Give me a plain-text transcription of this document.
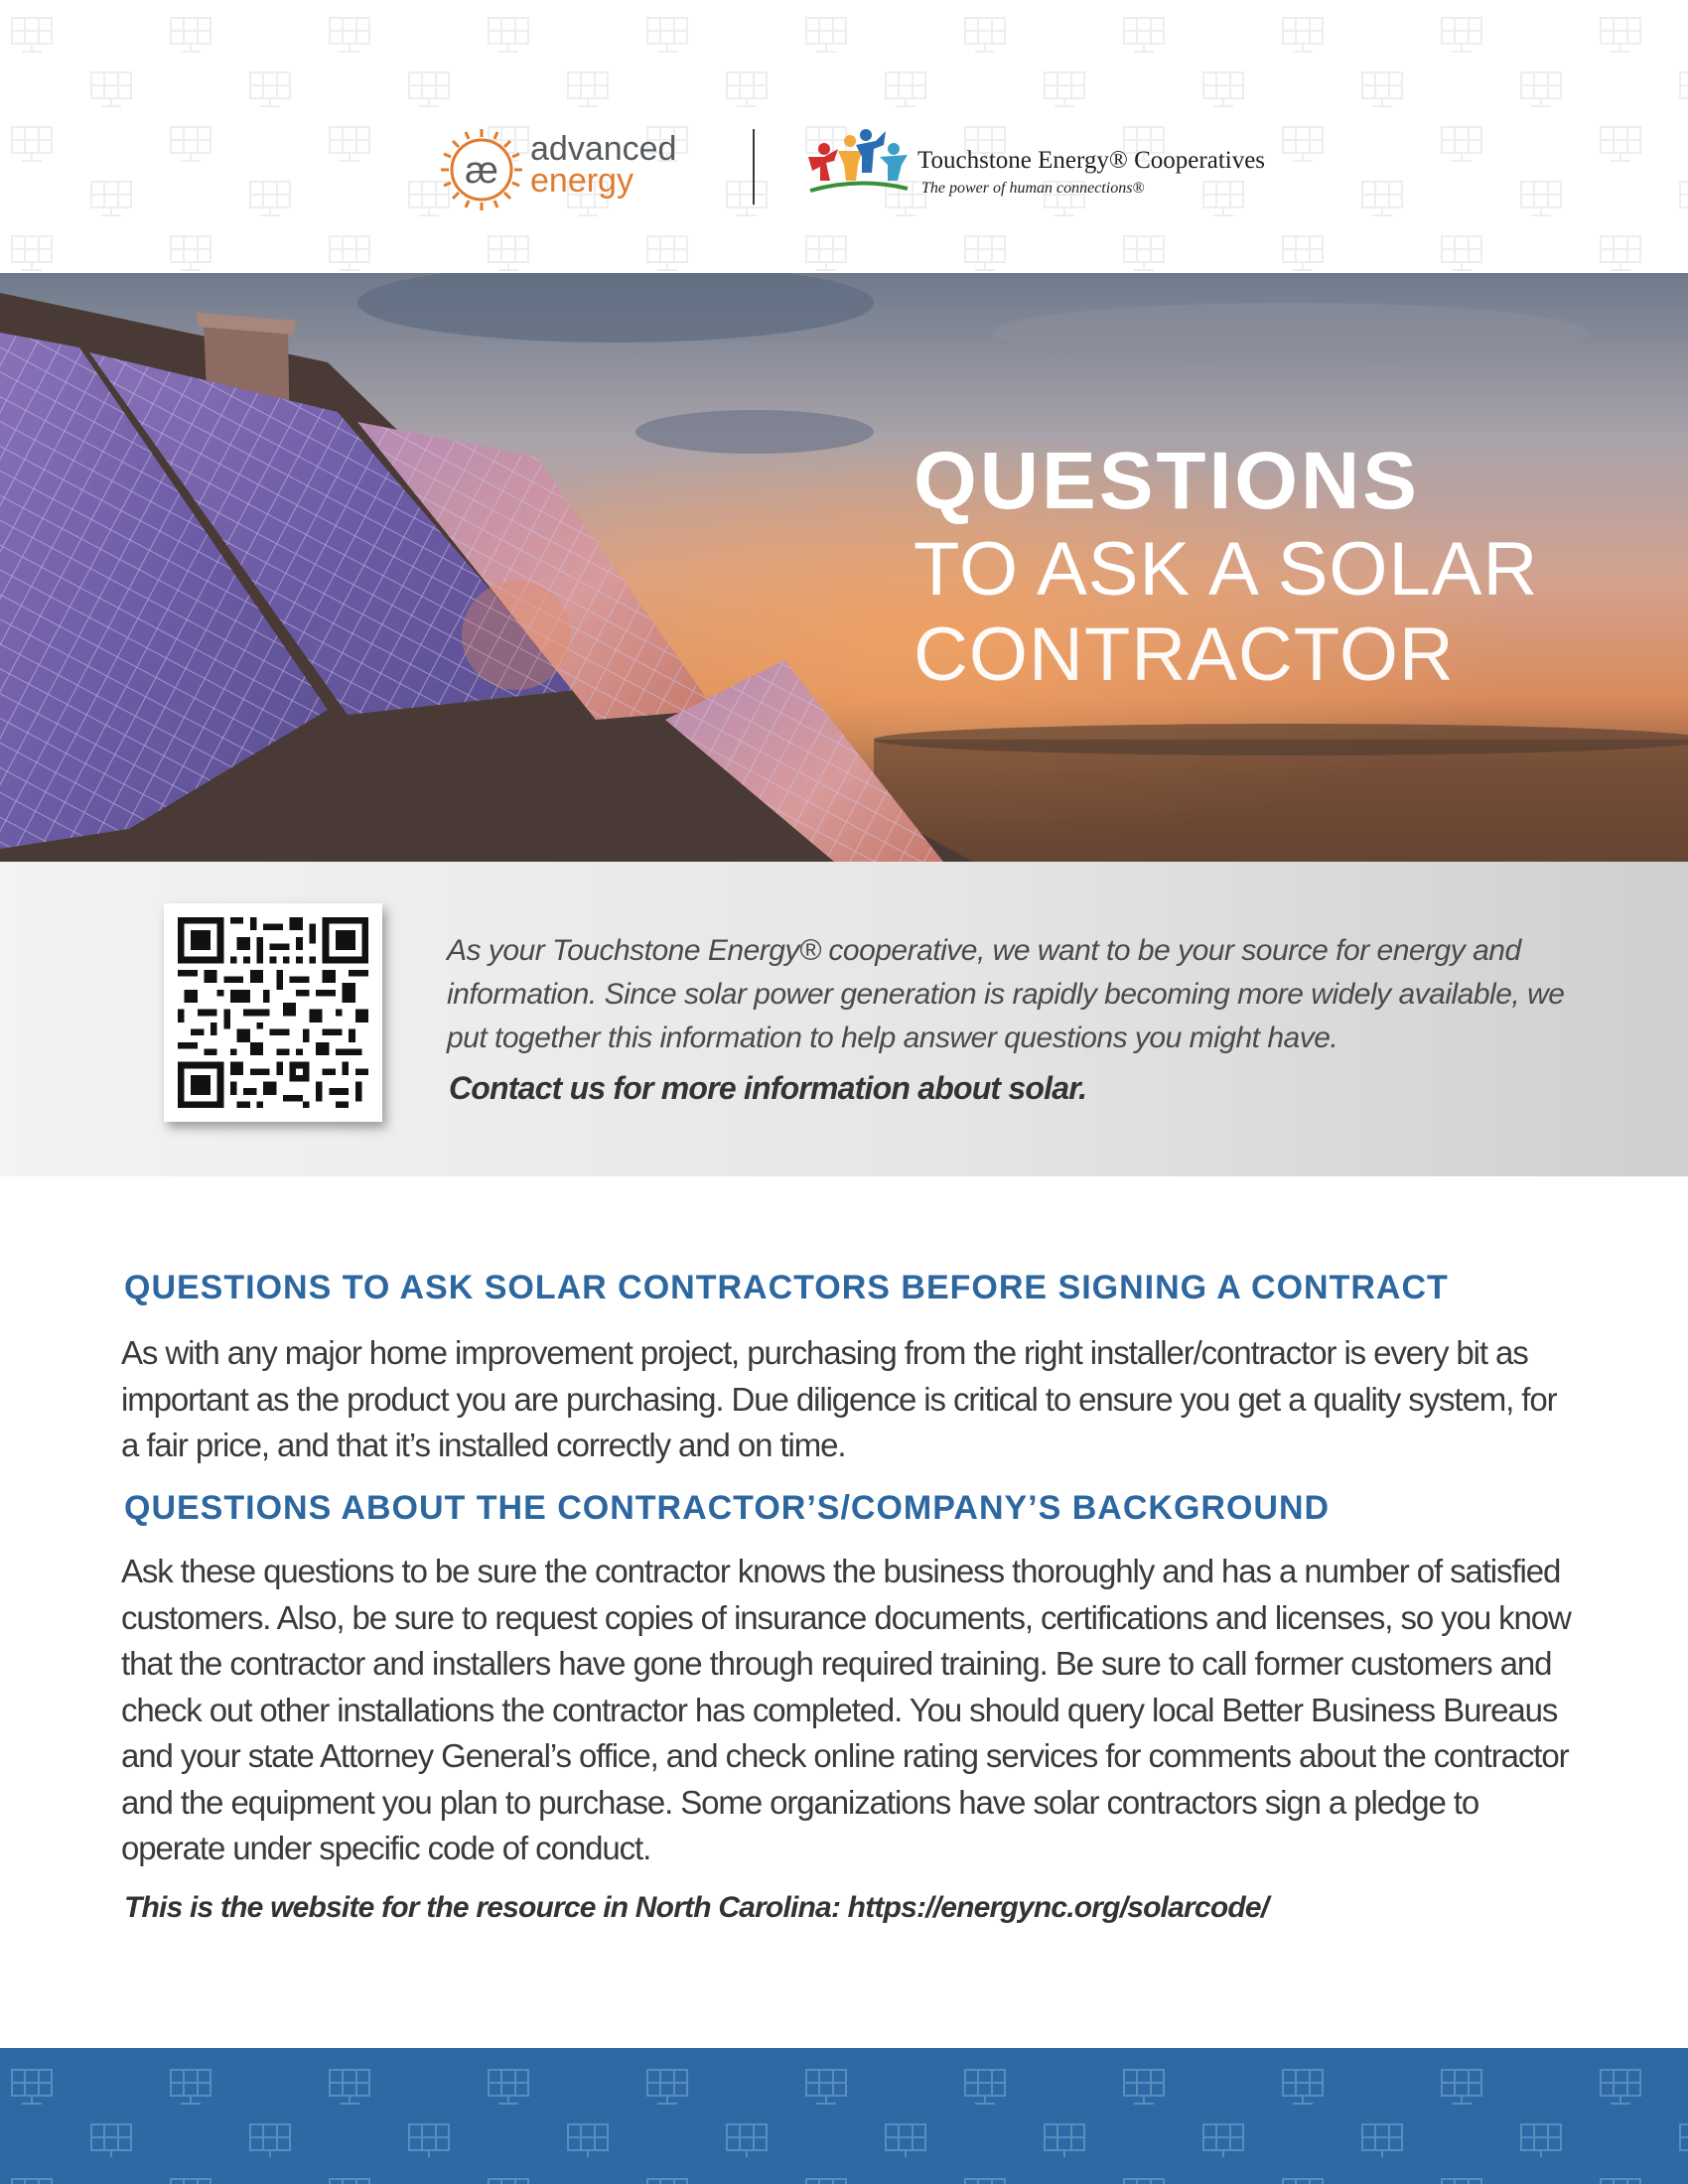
æ
advanced
energy
Touchstone Energy® Cooperatives
The power of human connections®
QUESTIONS
TO ASK A SOLAR
CONTRACTOR
As your Touchstone Energy® cooperative, we want to be your source for energy and information. Since solar power generation is rapidly becoming more widely available, we put together this information to help answer questions you might have.
Contact us for more information about solar.
QUESTIONS TO ASK SOLAR CONTRACTORS BEFORE SIGNING A CONTRACT
As with any major home improvement project, purchasing from the right installer/contractor is every bit as important as the product you are purchasing. Due diligence is critical to ensure you get a quality system, for a fair price, and that it’s installed correctly and on time.
QUESTIONS ABOUT THE CONTRACTOR’S/COMPANY’S BACKGROUND
Ask these questions to be sure the contractor knows the business thoroughly and has a number of satisfied customers. Also, be sure to request copies of insurance documents, certifications and licenses, so you know that the contractor and installers have gone through required training. Be sure to call former customers and check out other installations the contractor has completed. You should query local Better Business Bureaus and your state Attorney General’s office, and check online rating services for comments about the contractor and the equipment you plan to purchase. Some organizations have solar contractors sign a pledge to operate under specific code of conduct.
This is the website for the resource in North Carolina: https://energync.org/solarcode/
